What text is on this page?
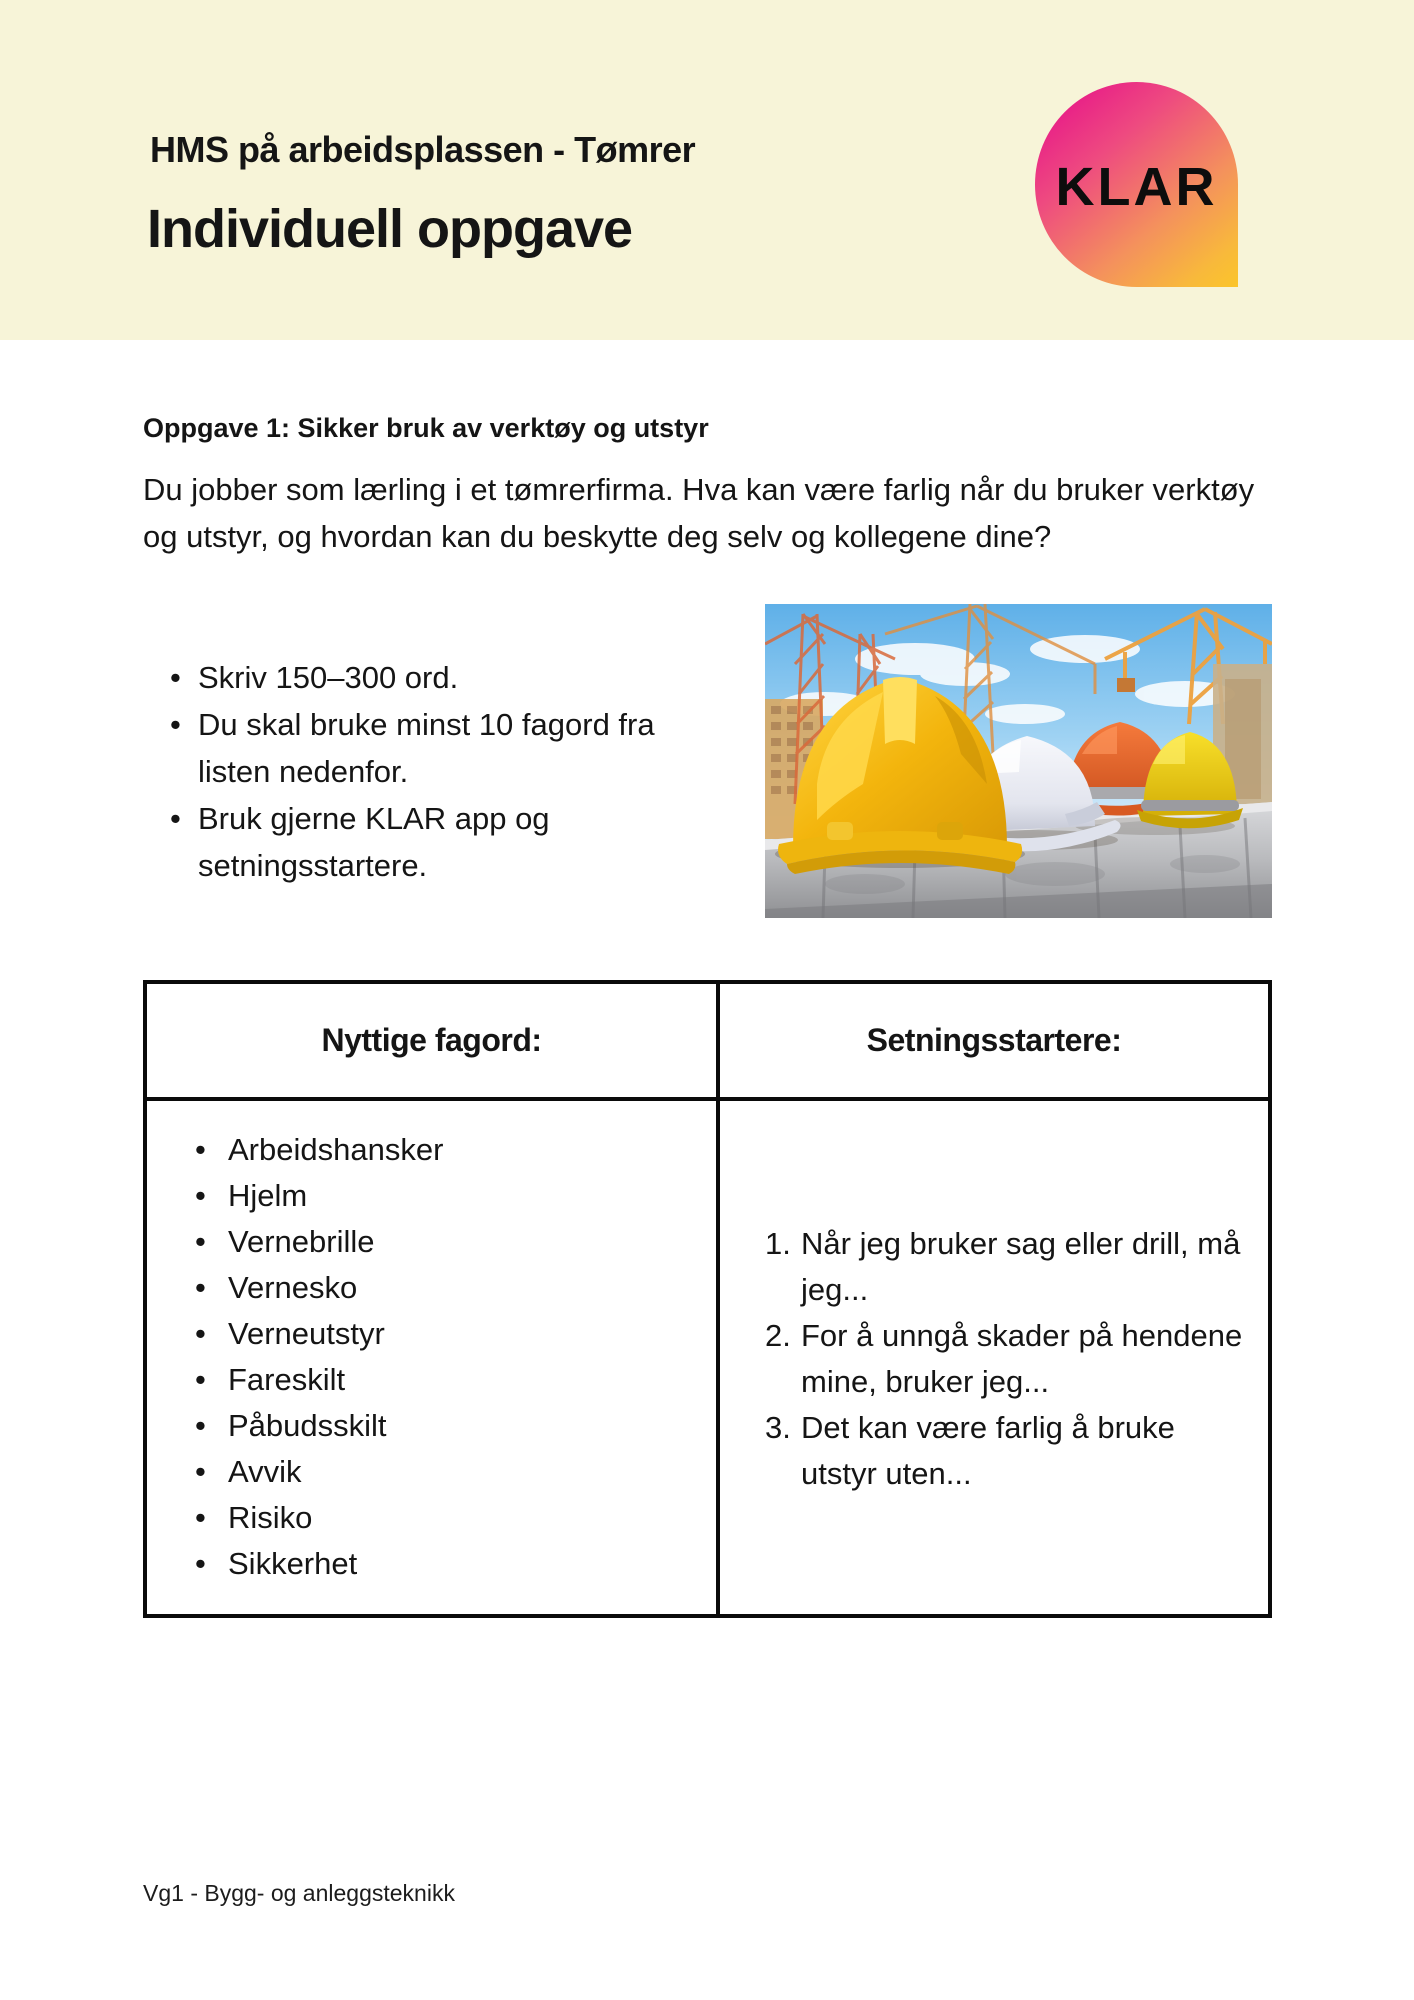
HMS på arbeidsplassen - Tømrer
Individuell oppgave
KLAR
Oppgave 1: Sikker bruk av verktøy og utstyr
Du jobber som lærling i et tømrerfirma. Hva kan være farlig når du bruker verktøy og utstyr, og hvordan kan du beskytte deg selv og kollegene dine?
• Skriv 150–300 ord.
• Du skal bruke minst 10 fagord fra listen nedenfor.
• Bruk gjerne KLAR app og setningsstartere.
Nyttige fagord:	Setningsstartere:
• Arbeidshansker
• Hjelm
• Vernebrille
• Vernesko
• Verneutstyr
• Fareskilt
• Påbudsskilt
• Avvik
• Risiko
• Sikkerhet
Når jeg bruker sag eller drill, må jeg...
For å unngå skader på hendene mine, bruker jeg...
Det kan være farlig å bruke utstyr uten...
Vg1 - Bygg- og anleggsteknikk
